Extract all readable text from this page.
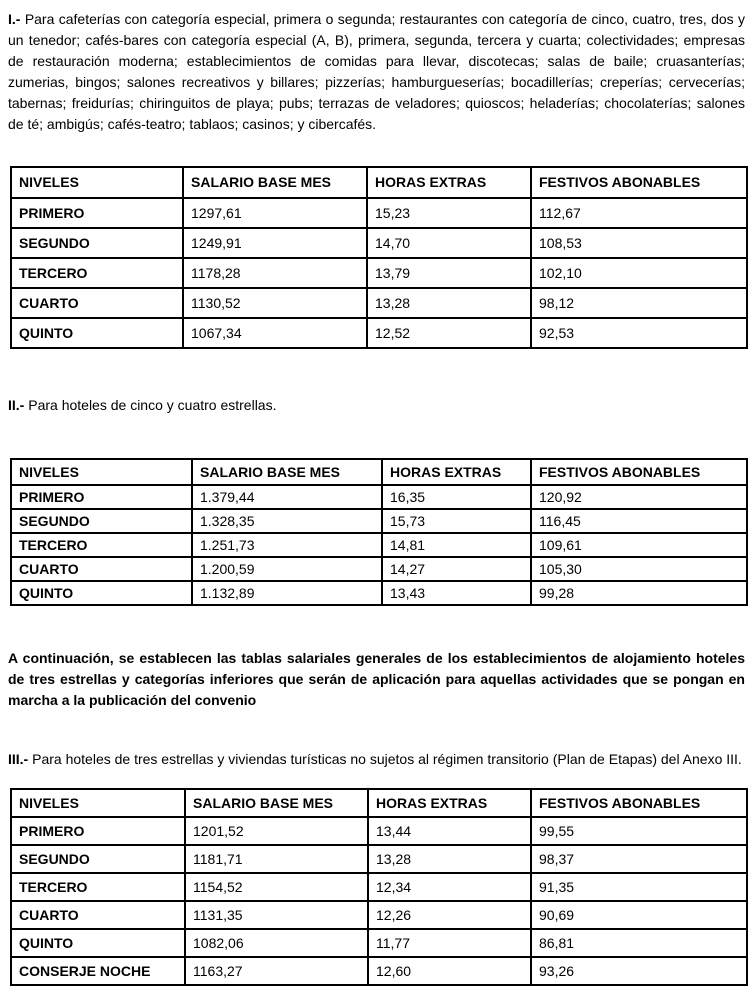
I.- Para cafeterías con categoría especial, primera o segunda; restaurantes con categoría de cinco, cuatro, tres, dos y un tenedor; cafés-bares con categoría especial (A, B), primera, segunda, tercera y cuarta; colectividades; empresas de restauración moderna; establecimientos de comidas para llevar, discotecas; salas de baile; cruasanterías; zumerias, bingos; salones recreativos y billares; pizzerías; hamburgueserías; bocadillerías; creperías; cervecerías; tabernas; freidurías; chiringuitos de playa; pubs; terrazas de veladores; quioscos; heladerías; chocolaterías; salones de té; ambigús; cafés-teatro; tablaos; casinos; y cibercafés.

NIVELES	SALARIO BASE MES	HORAS EXTRAS	FESTIVOS ABONABLES
PRIMERO	1297,61	15,23	112,67
SEGUNDO	1249,91	14,70	108,53
TERCERO	1178,28	13,79	102,10
CUARTO	1130,52	13,28	98,12
QUINTO	1067,34	12,52	92,53

II.- Para hoteles de cinco y cuatro estrellas.

NIVELES	SALARIO BASE MES	HORAS EXTRAS	FESTIVOS ABONABLES
PRIMERO	1.379,44	16,35	120,92
SEGUNDO	1.328,35	15,73	116,45
TERCERO	1.251,73	14,81	109,61
CUARTO	1.200,59	14,27	105,30
QUINTO	1.132,89	13,43	99,28

A continuación, se establecen las tablas salariales generales de los establecimientos de alojamiento hoteles de tres estrellas y categorías inferiores que serán de aplicación para aquellas actividades que se pongan en marcha a la publicación del convenio

III.- Para hoteles de tres estrellas y viviendas turísticas no sujetos al régimen transitorio (Plan de Etapas) del Anexo III.

NIVELES	SALARIO BASE MES	HORAS EXTRAS	FESTIVOS ABONABLES
PRIMERO	1201,52	13,44	99,55
SEGUNDO	1181,71	13,28	98,37
TERCERO	1154,52	12,34	91,35
CUARTO	1131,35	12,26	90,69
QUINTO	1082,06	11,77	86,81
CONSERJE NOCHE	1163,27	12,60	93,26
